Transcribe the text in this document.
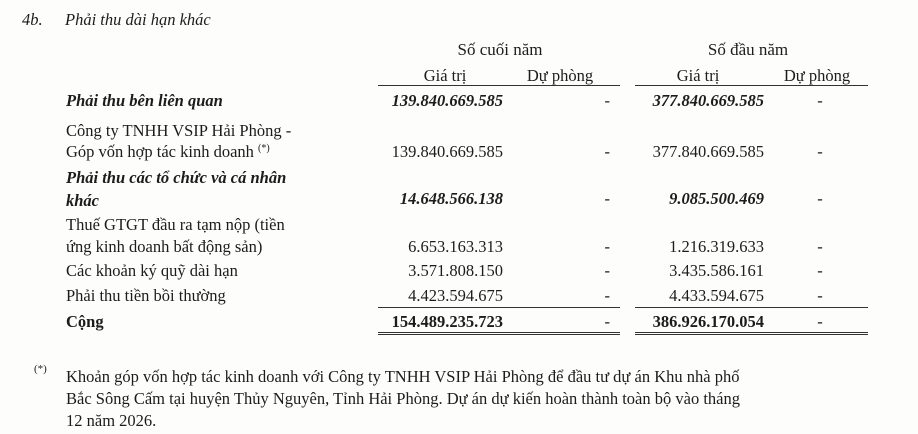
4b. Phải thu dài hạn khác
Số cuối năm	Số đầu năm
Giá trị	Dự phòng	Giá trị	Dự phòng
Phải thu bên liên quan	139.840.669.585	-	377.840.669.585	-
Công ty TNHH VSIP Hải Phòng -
Góp vốn hợp tác kinh doanh (*)	139.840.669.585	-	377.840.669.585	-
Phải thu các tổ chức và cá nhân
khác	14.648.566.138	-	9.085.500.469	-
Thuế GTGT đầu ra tạm nộp (tiền
ứng kinh doanh bất động sản)	6.653.163.313	-	1.216.319.633	-
Các khoản ký quỹ dài hạn	3.571.808.150	-	3.435.586.161	-
Phải thu tiền bồi thường	4.423.594.675	-	4.433.594.675	-
Cộng	154.489.235.723	-	386.926.170.054	-
(*) Khoản góp vốn hợp tác kinh doanh với Công ty TNHH VSIP Hải Phòng để đầu tư dự án Khu nhà phố
Bắc Sông Cấm tại huyện Thủy Nguyên, Tỉnh Hải Phòng. Dự án dự kiến hoàn thành toàn bộ vào tháng
12 năm 2026.
